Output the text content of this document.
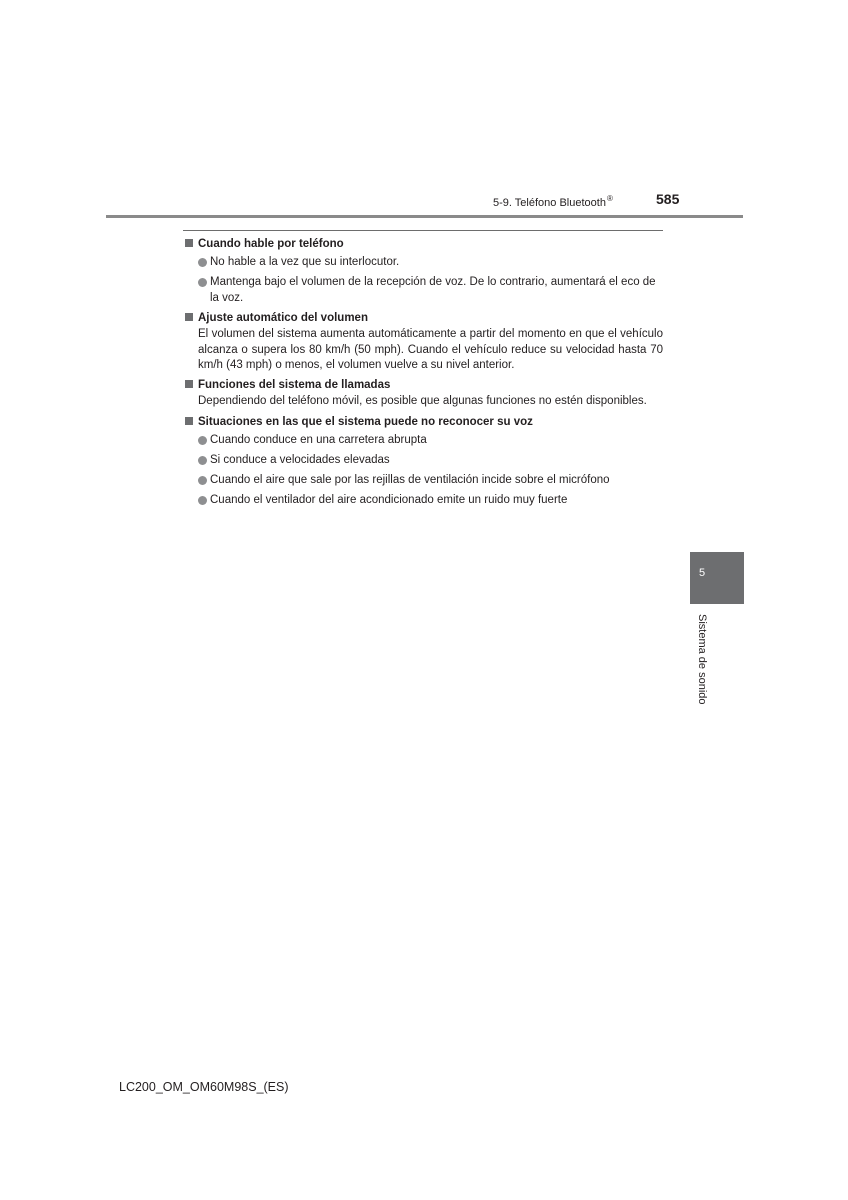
5-9. Teléfono Bluetooth®	585

Cuando hable por teléfono

No hable a la vez que su interlocutor.

Mantenga bajo el volumen de la recepción de voz. De lo contrario, aumentará el eco de la voz.

Ajuste automático del volumen

El volumen del sistema aumenta automáticamente a partir del momento en que el vehículo alcanza o supera los 80 km/h (50 mph). Cuando el vehículo reduce su velocidad hasta 70 km/h (43 mph) o menos, el volumen vuelve a su nivel anterior.

Funciones del sistema de llamadas

Dependiendo del teléfono móvil, es posible que algunas funciones no estén disponibles.

Situaciones en las que el sistema puede no reconocer su voz

Cuando conduce en una carretera abrupta

Si conduce a velocidades elevadas

Cuando el aire que sale por las rejillas de ventilación incide sobre el micrófono

Cuando el ventilador del aire acondicionado emite un ruido muy fuerte

5
Sistema de sonido
LC200_OM_OM60M98S_(ES)
